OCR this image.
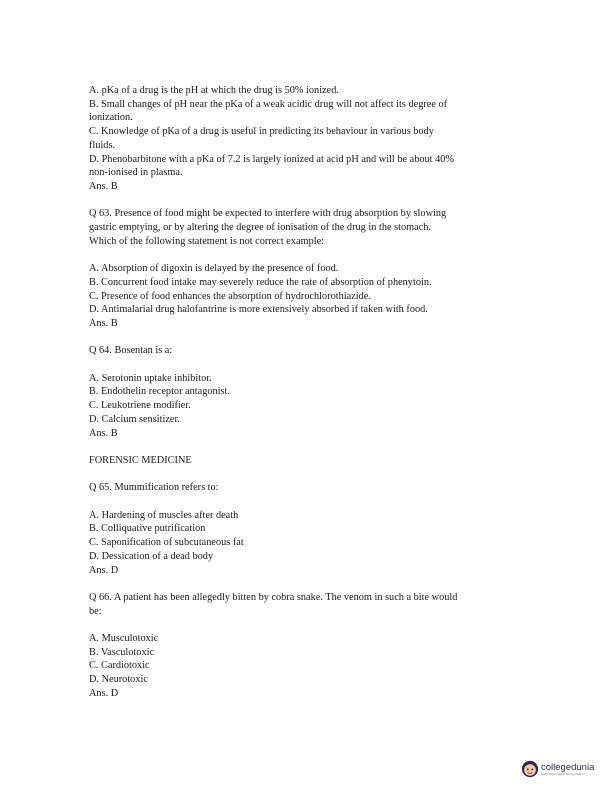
A. pKa of a drug is the pH at which the drug is 50% ionized.
B. Small changes of pH near the pKa of a weak acidic drug will not affect its degree of
ionization.
C. Knowledge of pKa of a drug is useful in predicting its behaviour in various body
fluids.
D. Phenobarbitone with a pKa of 7.2 is largely ionized at acid pH and will be about 40%
non-ionised in plasma.
Ans. B
Q 63. Presence of food might be expected to interfere with drug absorption by slowing
gastric emptying, or by altering the degree of ionisation of the drug in the stomach.
Which of the following statement is not correct example:
A. Absorption of digoxin is delayed by the presence of food.
B. Concurrent food intake may severely reduce the rate of absorption of phenytoin.
C. Presence of food enhances the absorption of hydrochlorothiazide.
D. Antimalarial drug halofantrine is more extensively absorbed if taken with food.
Ans. B
Q 64. Bosentan is a:
A. Serotonin uptake inhibitor.
B. Endothelin receptor antagonist.
C. Leukotriene modifier.
D. Calcium sensitizer.
Ans. B
FORENSIC MEDICINE
Q 65. Mummification refers to:
A. Hardening of muscles after death
B. Colliquative putrification
C. Saponification of subcutaneous fat
D. Dessication of a dead body
Ans. D
Q 66. A patient has been allegedly bitten by cobra snake. The venom in such a bite would
be:
A. Musculotoxic
B. Vasculotoxic
C. Cardiotoxic
D. Neurotoxic
Ans. D
collegedunia
India's largest Student Review Platform
